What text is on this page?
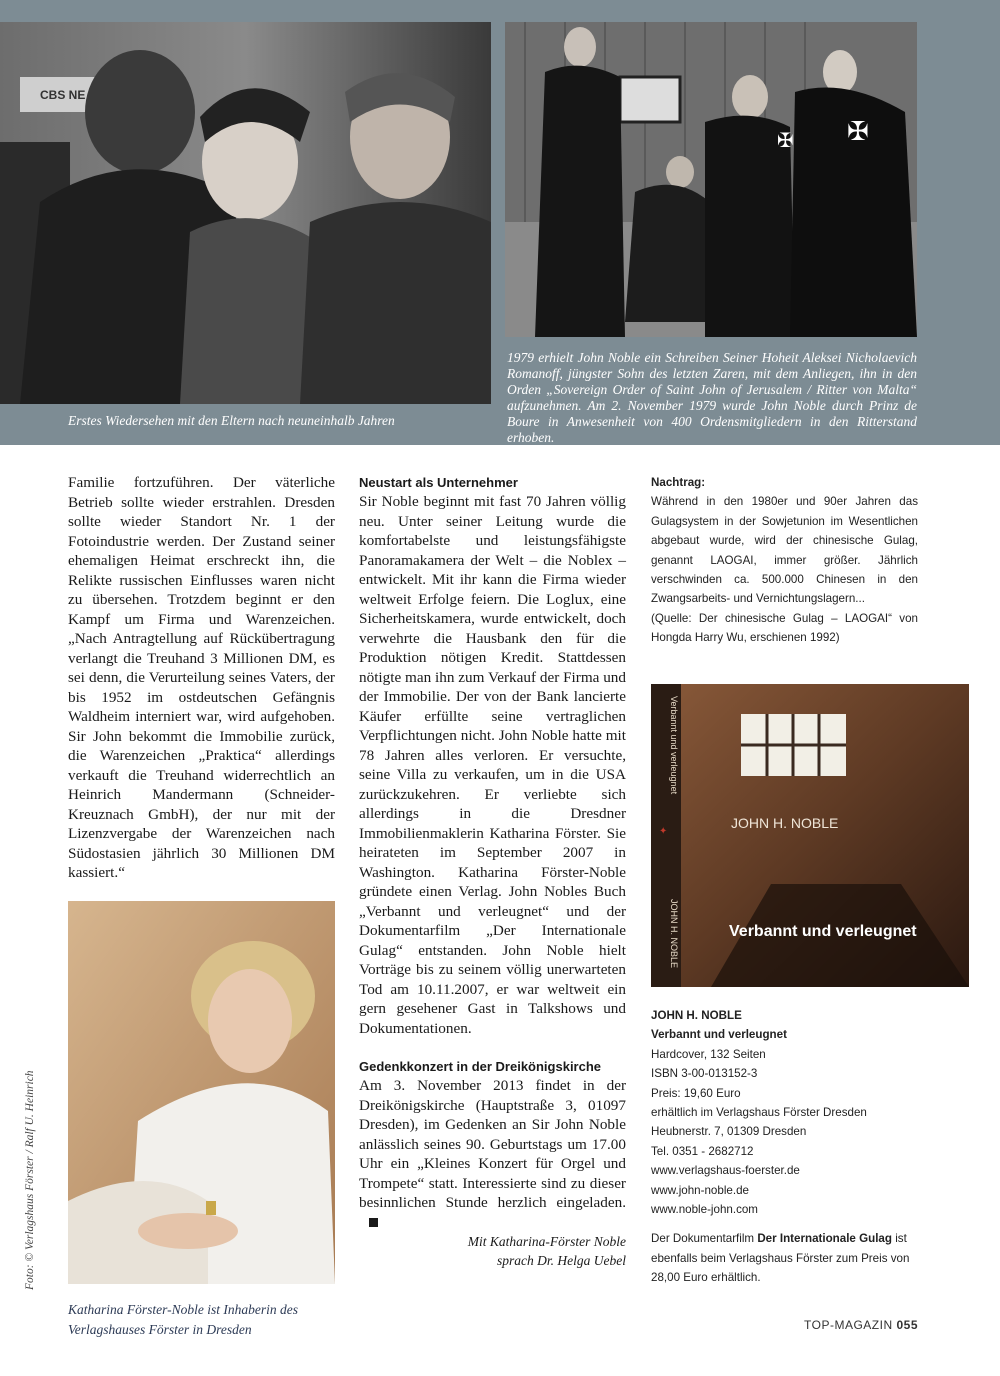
CBS NE
Erstes Wiedersehen mit den Eltern nach neuneinhalb Jahren
✠ ✠
1979 erhielt John Noble ein Schreiben Seiner Hoheit Aleksei Nicholaevich Romanoff, jüngster Sohn des letzten Zaren, mit dem Anliegen, ihn in den Orden „Sovereign Order of Saint John of Jerusalem / Ritter von Malta“ aufzunehmen. Am 2. November 1979 wurde John Noble durch Prinz de Boure in Anwesenheit von 400 Ordensmitgliedern in den Ritterstand erhoben.

Familie fortzuführen. Der väterliche Betrieb sollte wieder erstrahlen. Dresden sollte wieder Standort Nr. 1 der Fotoindustrie werden. Der Zustand seiner ehemaligen Heimat erschreckt ihn, die Relikte russischen Einflusses waren nicht zu übersehen. Trotzdem beginnt er den Kampf um Firma und Warenzeichen. „Nach Antragtellung auf Rückübertragung verlangt die Treuhand 3 Millionen DM, es sei denn, die Verurteilung seines Vaters, der bis 1952 im ostdeutschen Gefängnis Waldheim interniert war, wird aufgehoben. Sir John bekommt die Immobilie zurück, die Warenzeichen „Praktica“ allerdings verkauft die Treuhand widerrechtlich an Heinrich Mandermann (Schneider-Kreuznach GmbH), der nur mit der Lizenzvergabe der Warenzeichen nach Südostasien jährlich 30 Millionen DM kassiert.“

Katharina Förster-Noble ist Inhaberin des Verlagshauses Förster in Dresden
Foto: © Verlagshaus Förster / Ralf U. Heinrich

Neustart als Unternehmer

Sir Noble beginnt mit fast 70 Jahren völlig neu. Unter seiner Leitung wurde die komfortabelste und leistungsfähigste Panoramakamera der Welt – die Noblex – entwickelt. Mit ihr kann die Firma wieder weltweit Erfolge feiern. Die Loglux, eine Sicherheitskamera, wurde entwickelt, doch verwehrte die Hausbank den für die Produktion nötigen Kredit. Stattdessen nötigte man ihn zum Verkauf der Firma und der Immobilie. Der von der Bank lancierte Käufer erfüllte seine vertraglichen Verpflichtungen nicht. John Noble hatte mit 78 Jahren alles verloren. Er versuchte, seine Villa zu verkaufen, um in die USA zurückzukehren. Er verliebte sich allerdings in die Dresdner Immobilienmaklerin Katharina Förster. Sie heirateten im September 2007 in Washington. Katharina Förster-Noble gründete einen Verlag. John Nobles Buch „Verbannt und verleugnet“ und der Dokumentarfilm „Der Internationale Gulag“ entstanden. John Noble hielt Vorträge bis zu seinem völlig unerwarteten Tod am 10.11.2007, er war weltweit ein gern gesehener Gast in Talkshows und Dokumentationen.

Gedenkkonzert in der Dreikönigskirche

Am 3. November 2013 findet in der Dreikönigskirche (Hauptstraße 3, 01097 Dresden), im Gedenken an Sir John Noble anlässlich seines 90. Geburtstags um 17.00 Uhr ein „Kleines Konzert für Orgel und Trompete“ statt. Interessierte sind zu dieser besinnlichen Stunde herzlich eingeladen.

Mit Katharina-Förster Noble

sprach Dr. Helga Uebel

Nachtrag:

Während in den 1980er und 90er Jahren das Gulagsystem in der Sowjetunion im Wesentlichen abgebaut wurde, wird der chinesische Gulag, genannt LAOGAI, immer größer. Jährlich verschwinden ca. 500.000 Chinesen in den Zwangsarbeits- und Vernichtungslagern...

(Quelle: Der chinesische Gulag – LAOGAI“ von Hongda Harry Wu, erschienen 1992)

JOHN H. NOBLE
Verbannt und verleugnet
Verbannt und verleugnet
JOHN H. NOBLE
✦

JOHN H. NOBLE

Verbannt und verleugnet

Hardcover, 132 Seiten

ISBN 3-00-013152-3

Preis: 19,60 Euro

erhältlich im Verlagshaus Förster Dresden

Heubnerstr. 7, 01309 Dresden

Tel. 0351 - 2682712

www.verlagshaus-foerster.de

www.john-noble.de

www.noble-john.com

Der Dokumentarfilm Der Internationale Gulag ist ebenfalls beim Verlagshaus Förster zum Preis von 28,00 Euro erhältlich.

TOP-MAGAZIN 055
